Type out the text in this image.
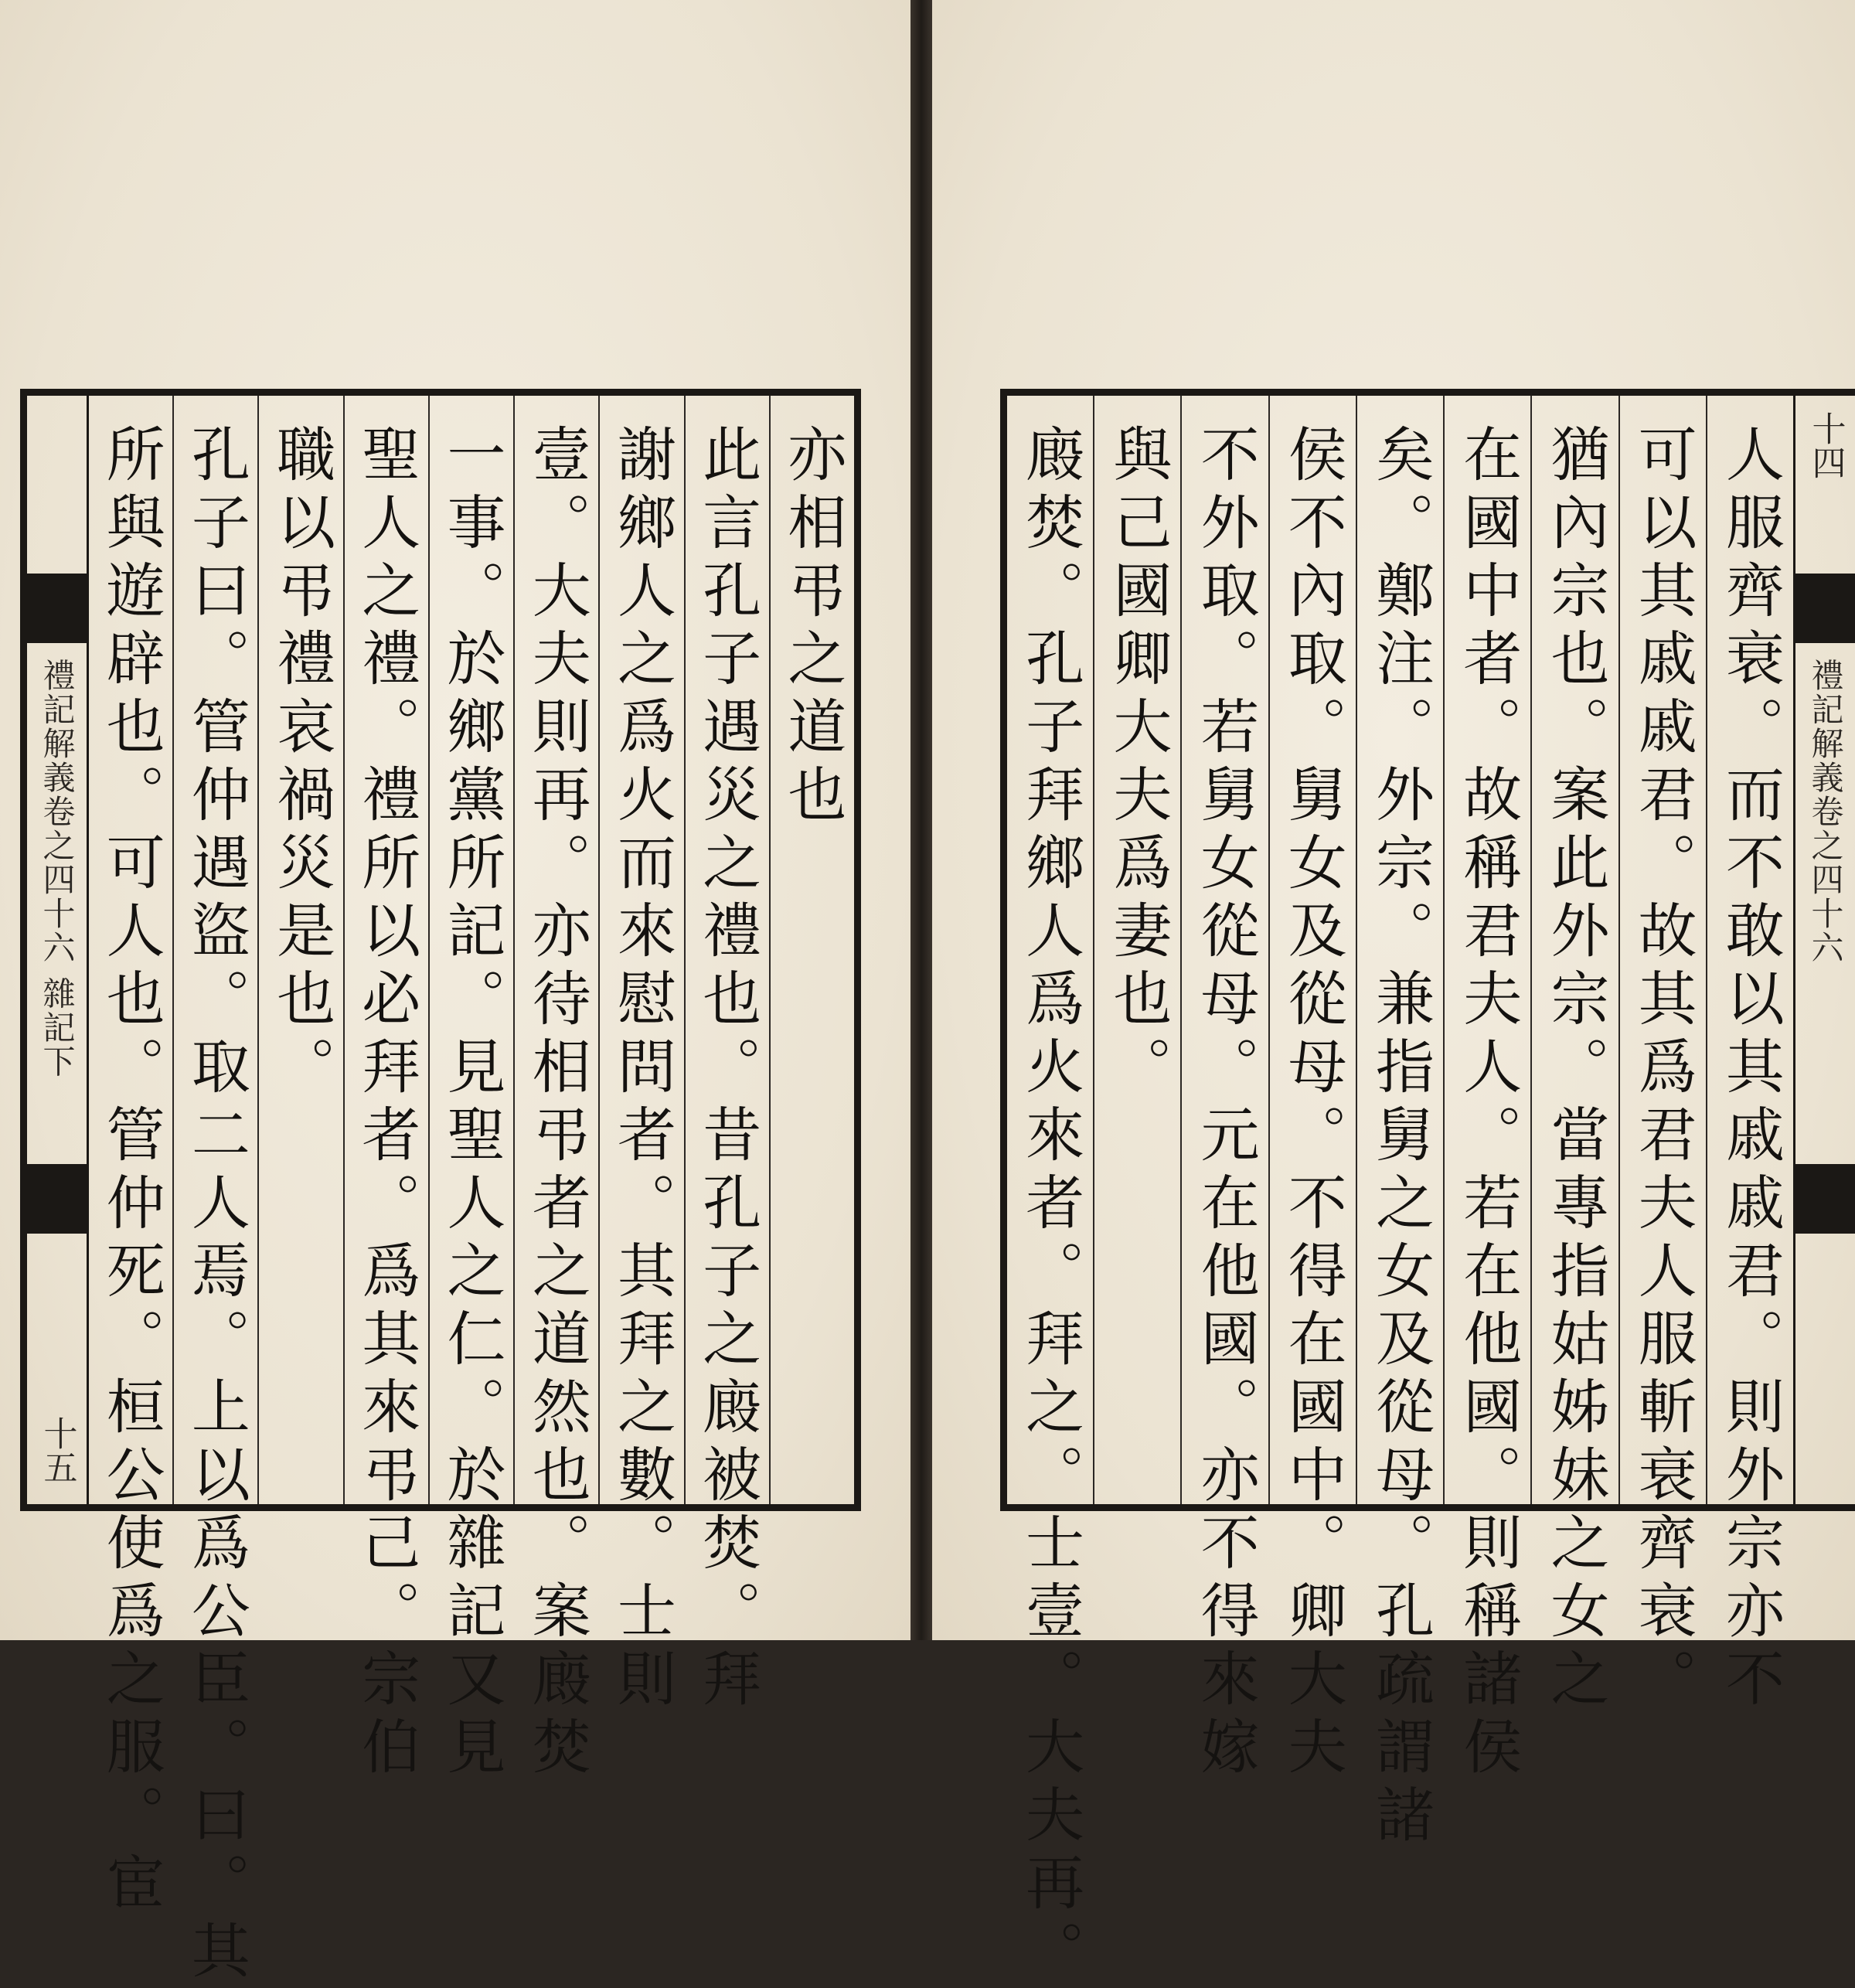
禮記解義卷之四十六 雜記下
十五
亦相弔之道也
此言孔子遇災之禮也。昔孔子之廄被焚。拜
謝鄉人之爲火而來慰問者。其拜之數。士則
壹。大夫則再。亦待相弔者之道然也。案廄焚
一事。於鄉黨所記。見聖人之仁。於雜記又見
聖人之禮。禮所以必拜者。爲其來弔己。宗伯
職以弔禮哀禍災是也。
孔子曰。管仲遇盜。取二人焉。上以爲公臣。曰。其
所與遊辟也。可人也。管仲死。桓公使爲之服。宦	人服齊衰。而不敢以其戚戚君。則外宗亦不
可以其戚戚君。故其爲君夫人服斬衰齊衰。
猶內宗也。案此外宗。當專指姑姊妹之女之
在國中者。故稱君夫人。若在他國。則稱諸侯
矣。鄭注。外宗。兼指舅之女及從母。孔疏謂諸
侯不內取。舅女及從母。不得在國中。卿大夫
不外取。若舅女從母。元在他國。亦不得來嫁
與己國卿大夫爲妻也。
廄焚。孔子拜鄉人爲火來者。拜之。士壹。大夫再。	禮記解義卷之四十六
十四
